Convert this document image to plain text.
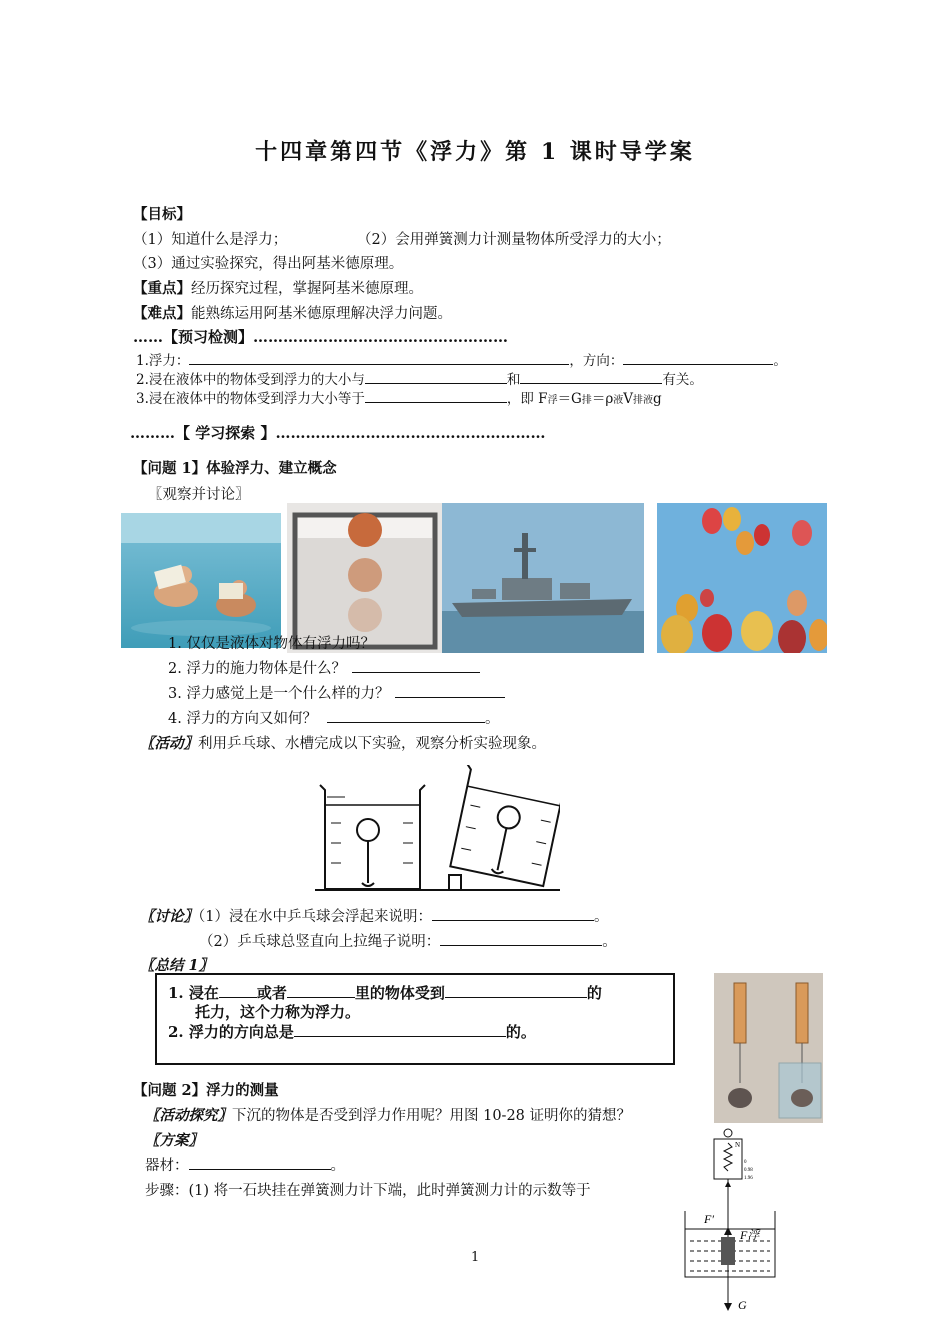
十四章第四节《浮力》第 1 课时导学案
【目标】
（1）知道什么是浮力；	（2）会用弹簧测力计测量物体所受浮力的大小；
（3）通过实验探究，得出阿基米德原理。
【重点】经历探究过程，掌握阿基米德原理。
【难点】能熟练运用阿基米德原理解决浮力问题。
……【预习检测】……………………………………………
1.浮力：	，方向：	。
2.浸在液体中的物体受到浮力的大小与	和	有关。
3.浸在液体中的物体受到浮力大小等于	，即 F浮＝G排＝ρ液V排液g
………【 学习探索 】………………………………………………
【问题 1】体验浮力、建立概念
〖观察并讨论〗
1. 仅仅是液体对物体有浮力吗？
2. 浮力的施力物体是什么？
3. 浮力感觉上是一个什么样的力？
4. 浮力的方向又如何？	。
〖活动〗利用乒乓球、水槽完成以下实验，观察分析实验现象。
〖讨论〗（1）浸在水中乒乓球会浮起来说明：	。
（2）乒乓球总竖直向上拉绳子说明：	。
〖总结 1〗
1. 浸在	或者	里的物体受到	的
托力，这个力称为浮力。
2. 浮力的方向总是	的。
【问题 2】浮力的测量
〖活动探究〗下沉的物体是否受到浮力作用呢？用图 10-28 证明你的猜想？
〖方案〗
器材：	。
步骤：(1) 将一石块挂在弹簧测力计下端，此时弹簧测力计的示数等于
N
0
0.98
1.96
F′
F浮
G
1
